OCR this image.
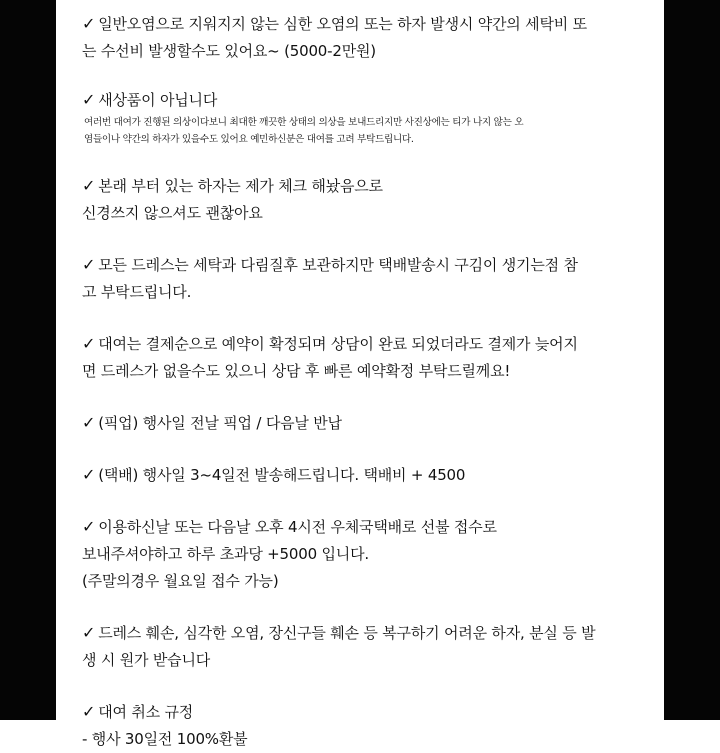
✓ 일반오염으로 지워지지 않는 심한 오염의 또는 하자 발생시 약간의 세탁비 또

는 수선비 발생할수도 있어요~ (5000-2만원)

✓ 새상품이 아닙니다

여러번 대여가 진행된 의상이다보니 최대한 깨끗한 상태의 의상을 보내드리지만 사진상에는 티가 나지 않는 오

염들이나 약간의 하자가 있을수도 있어요 예민하신분은 대여를 고려 부탁드립니다.

✓ 본래 부터 있는 하자는 제가 체크 해놨음으로

신경쓰지 않으셔도 괜찮아요

✓ 모든 드레스는 세탁과 다림질후 보관하지만 택배발송시 구김이 생기는점 참

고 부탁드립니다.

✓ 대여는 결제순으로 예약이 확정되며 상담이 완료 되었더라도 결제가 늦어지

면 드레스가 없을수도 있으니 상담 후 빠른 예약확정 부탁드릴께요!

✓ (픽업) 행사일 전날 픽업 / 다음날 반납

✓ (택배) 행사일 3~4일전 발송해드립니다. 택배비 + 4500

✓ 이용하신날 또는 다음날 오후 4시전 우체국택배로 선불 접수로

보내주셔야하고 하루 초과당 +5000 입니다.

(주말의경우 월요일 접수 가능)

✓ 드레스 훼손, 심각한 오염, 장신구들 훼손 등 복구하기 어려운 하자, 분실 등 발

생 시 원가 받습니다

✓ 대여 취소 규정

- 행사 30일전 100%환불
